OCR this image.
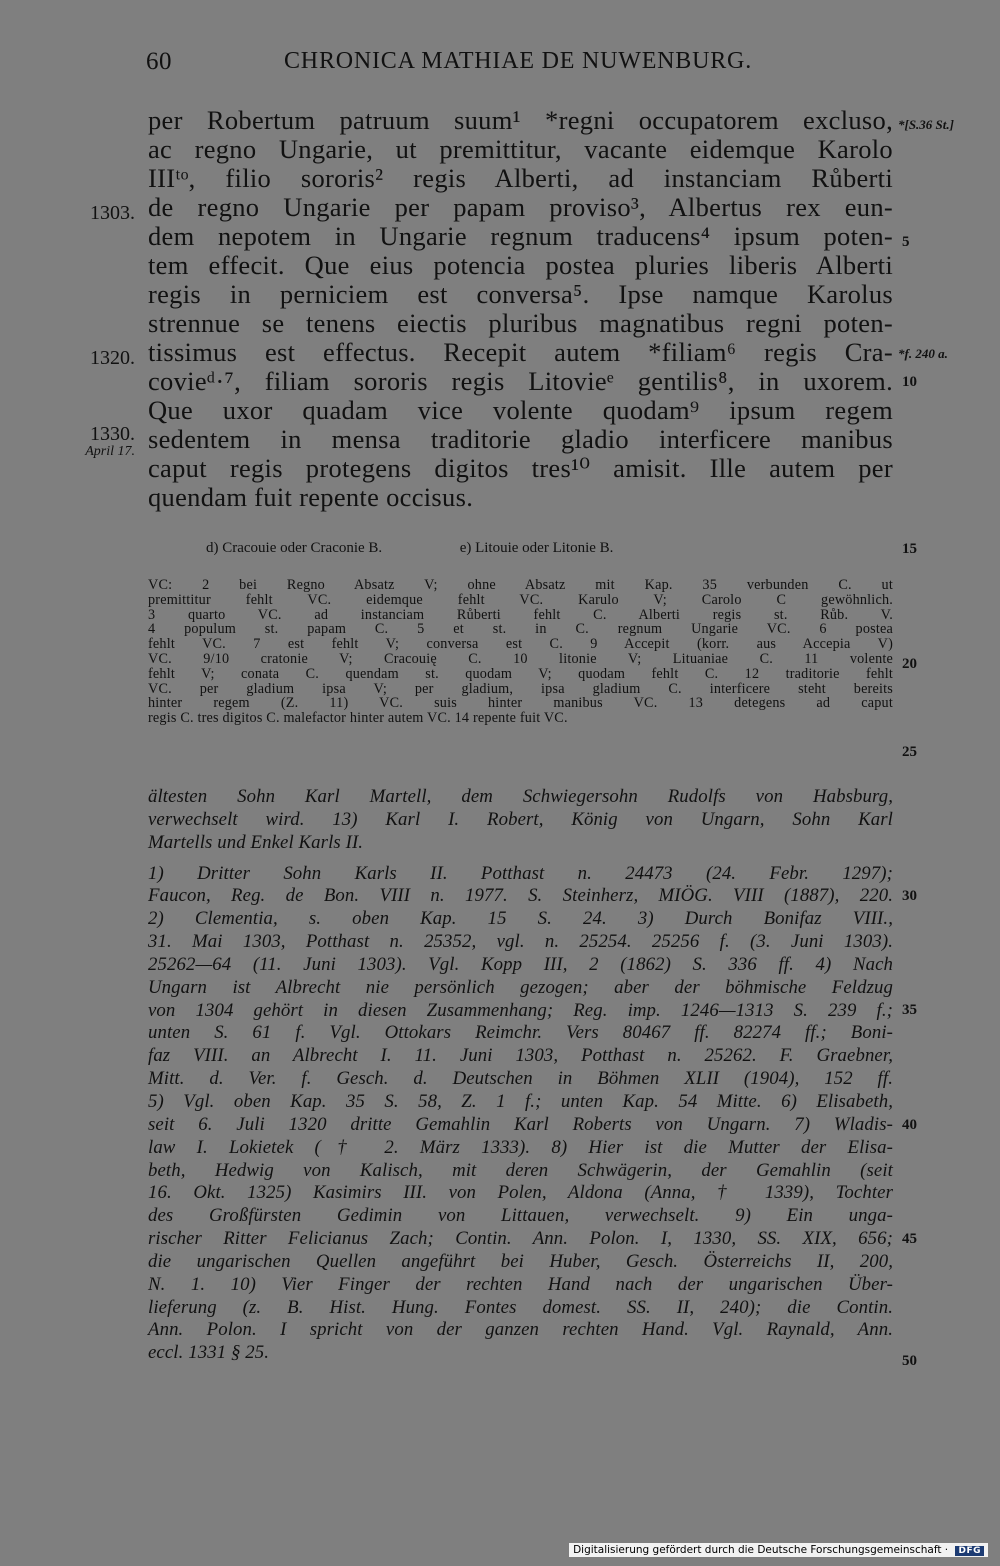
60	CHRONICA MATHIAE DE NUWENBURG.
per Robertum patruum suum¹ *regni occupatorem excluso,
ac regno Ungarie, ut premittitur, vacante eidemque Karolo
IIIᵗᵒ, filio sororis² regis Alberti, ad instanciam Růberti
de regno Ungarie per papam proviso³, Albertus rex eun-
dem nepotem in Ungarie regnum traducens⁴ ipsum poten-
tem effecit. Que eius potencia postea pluries liberis Alberti
regis in perniciem est conversa⁵. Ipse namque Karolus
strennue se tenens eiectis pluribus magnatibus regni poten-
tissimus est effectus. Recepit autem *filiam⁶ regis Cra-
covieᵈ·⁷, filiam sororis regis Litovieᵉ gentilis⁸, in uxorem.
Que uxor quadam vice volente quodam⁹ ipsum regem
sedentem in mensa traditorie gladio interficere manibus
caput regis protegens digitos tres¹⁰ amisit. Ille autem per
quendam fuit repente occisus.
1303.
1320.
1330.
April 17.
*[S.36 St.]
*f. 240 a.
5
10
15
20
25
30
35
40
45
50
d) Cracouie oder Craconie B.	e) Litouie oder Litonie B.
VC: 2 bei Regno Absatz V; ohne Absatz mit Kap. 35 verbunden C. ut
premittitur fehlt VC. eidemque fehlt VC. Karulo V; Carolo C gewöhnlich.
3 quarto VC. ad instanciam Růberti fehlt C. Alberti regis st. Růb. V.
4 populum st. papam C. 5 et st. in C. regnum Ungarie VC. 6 postea
fehlt VC. 7 est fehlt V; conversa est C. 9 Accepit (korr. aus Accepia V)
VC. 9/10 cratonie V; Cracouię C. 10 litonie V; Lituaniae C. 11 volente
fehlt V; conata C. quendam st. quodam V; quodam fehlt C. 12 traditorie fehlt
VC. per gladium ipsa V; per gladium, ipsa gladium C. interficere steht bereits
hinter regem (Z. 11) VC. suis hinter manibus VC. 13 detegens ad caput
regis C. tres digitos C. malefactor hinter autem VC. 14 repente fuit VC.
ältesten Sohn Karl Martell, dem Schwiegersohn Rudolfs von Habsburg,
verwechselt wird. 13) Karl I. Robert, König von Ungarn, Sohn Karl
Martells und Enkel Karls II.
1) Dritter Sohn Karls II. Potthast n. 24473 (24. Febr. 1297);
Faucon, Reg. de Bon. VIII n. 1977. S. Steinherz, MIÖG. VIII (1887), 220.
2) Clementia, s. oben Kap. 15 S. 24. 3) Durch Bonifaz VIII.,
31. Mai 1303, Potthast n. 25352, vgl. n. 25254. 25256 f. (3. Juni 1303).
25262—64 (11. Juni 1303). Vgl. Kopp III, 2 (1862) S. 336 ff. 4) Nach
Ungarn ist Albrecht nie persönlich gezogen; aber der böhmische Feldzug
von 1304 gehört in diesen Zusammenhang; Reg. imp. 1246—1313 S. 239 f.;
unten S. 61 f. Vgl. Ottokars Reimchr. Vers 80467 ff. 82274 ff.; Boni-
faz VIII. an Albrecht I. 11. Juni 1303, Potthast n. 25262. F. Graebner,
Mitt. d. Ver. f. Gesch. d. Deutschen in Böhmen XLII (1904), 152 ff.
5) Vgl. oben Kap. 35 S. 58, Z. 1 f.; unten Kap. 54 Mitte. 6) Elisabeth,
seit 6. Juli 1320 dritte Gemahlin Karl Roberts von Ungarn. 7) Wladis-
law I. Lokietek († 2. März 1333). 8) Hier ist die Mutter der Elisa-
beth, Hedwig von Kalisch, mit deren Schwägerin, der Gemahlin (seit
16. Okt. 1325) Kasimirs III. von Polen, Aldona (Anna, † 1339), Tochter
des Großfürsten Gedimin von Littauen, verwechselt. 9) Ein unga-
rischer Ritter Felicianus Zach; Contin. Ann. Polon. I, 1330, SS. XIX, 656;
die ungarischen Quellen angeführt bei Huber, Gesch. Österreichs II, 200,
N. 1. 10) Vier Finger der rechten Hand nach der ungarischen Über-
lieferung (z. B. Hist. Hung. Fontes domest. SS. II, 240); die Contin.
Ann. Polon. I spricht von der ganzen rechten Hand. Vgl. Raynald, Ann.
eccl. 1331 § 25.
Digitalisierung gefördert durch die Deutsche Forschungsgemeinschaft · DFG
